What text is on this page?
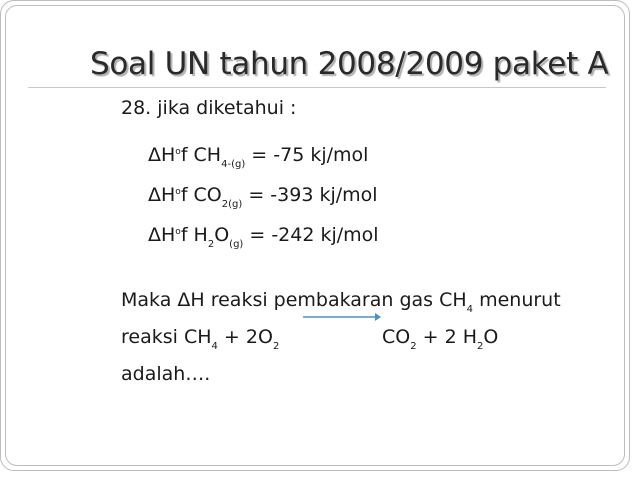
Soal UN tahun 2008/2009 paket A
28. jika diketahui :
$\Delta H^of$ $CH_{4-(g)} = -75$ kj/mol
$\Delta H^of$ $CO_{2(g)} = -393$ kj/mol
$\Delta H^of$ $H_2O_{(g)} = -242$ kj/mol
Maka ΔH reaksi pembakaran gas $CH_4$ menurut
reaksi $CH_4 + 2O_2$	$CO_2 + 2$ $H_2O$
adalah….
